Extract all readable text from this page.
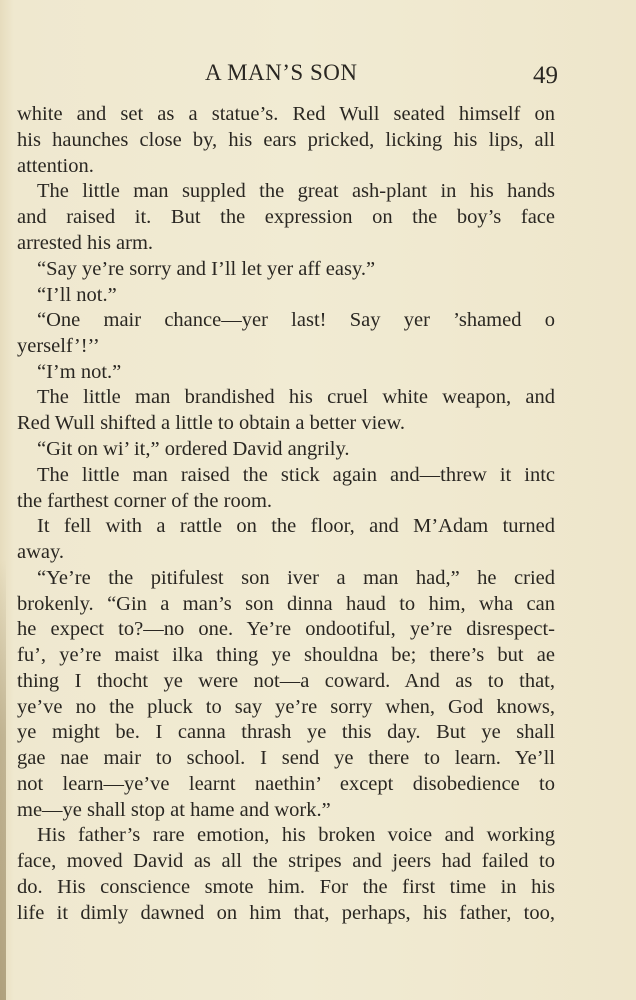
A MAN’S SON	49
white and set as a statue’s. Red Wull seated himself on
his haunches close by, his ears pricked, licking his lips, all
attention.
The little man suppled the great ash-plant in his hands
and raised it. But the expression on the boy’s face
arrested his arm.
“Say ye’re sorry and I’ll let yer aff easy.”
“I’ll not.”
“One mair chance—yer last! Say yer ’shamed o
yerself’!’’
“I’m not.”
The little man brandished his cruel white weapon, and
Red Wull shifted a little to obtain a better view.
“Git on wi’ it,” ordered David angrily.
The little man raised the stick again and—threw it intc
the farthest corner of the room.
It fell with a rattle on the floor, and M’Adam turned
away.
“Ye’re the pitifulest son iver a man had,” he cried
brokenly. “Gin a man’s son dinna haud to him, wha can
he expect to?—no one. Ye’re ondootiful, ye’re disrespect-
fu’, ye’re maist ilka thing ye shouldna be; there’s but ae
thing I thocht ye were not—a coward. And as to that,
ye’ve no the pluck to say ye’re sorry when, God knows,
ye might be. I canna thrash ye this day. But ye shall
gae nae mair to school. I send ye there to learn. Ye’ll
not learn—ye’ve learnt naethin’ except disobedience to
me—ye shall stop at hame and work.”
His father’s rare emotion, his broken voice and working
face, moved David as all the stripes and jeers had failed to
do. His conscience smote him. For the first time in his
life it dimly dawned on him that, perhaps, his father, too,
